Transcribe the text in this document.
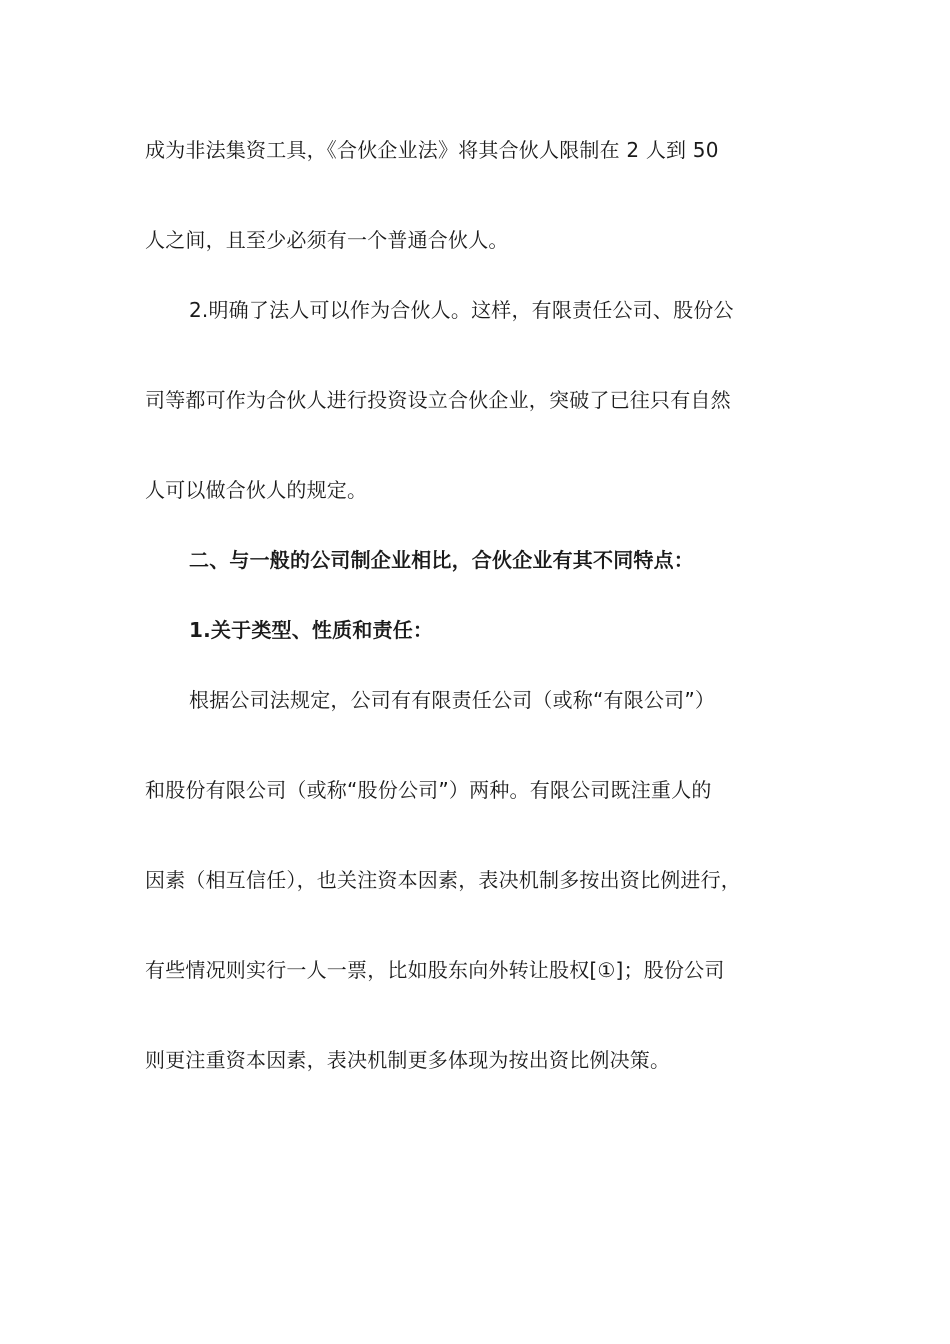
成为非法集资工具，《合伙企业法》将其合伙人限制在 2 人到 50
人之间，且至少必须有一个普通合伙人。
2.明确了法人可以作为合伙人。这样，有限责任公司、股份公
司等都可作为合伙人进行投资设立合伙企业，突破了已往只有自然
人可以做合伙人的规定。
二、与一般的公司制企业相比，合伙企业有其不同特点：
1.关于类型、性质和责任：
根据公司法规定，公司有有限责任公司（或称“有限公司”）
和股份有限公司（或称“股份公司”）两种。有限公司既注重人的
因素（相互信任），也关注资本因素，表决机制多按出资比例进行，
有些情况则实行一人一票，比如股东向外转让股权[①]；股份公司
则更注重资本因素，表决机制更多体现为按出资比例决策。
